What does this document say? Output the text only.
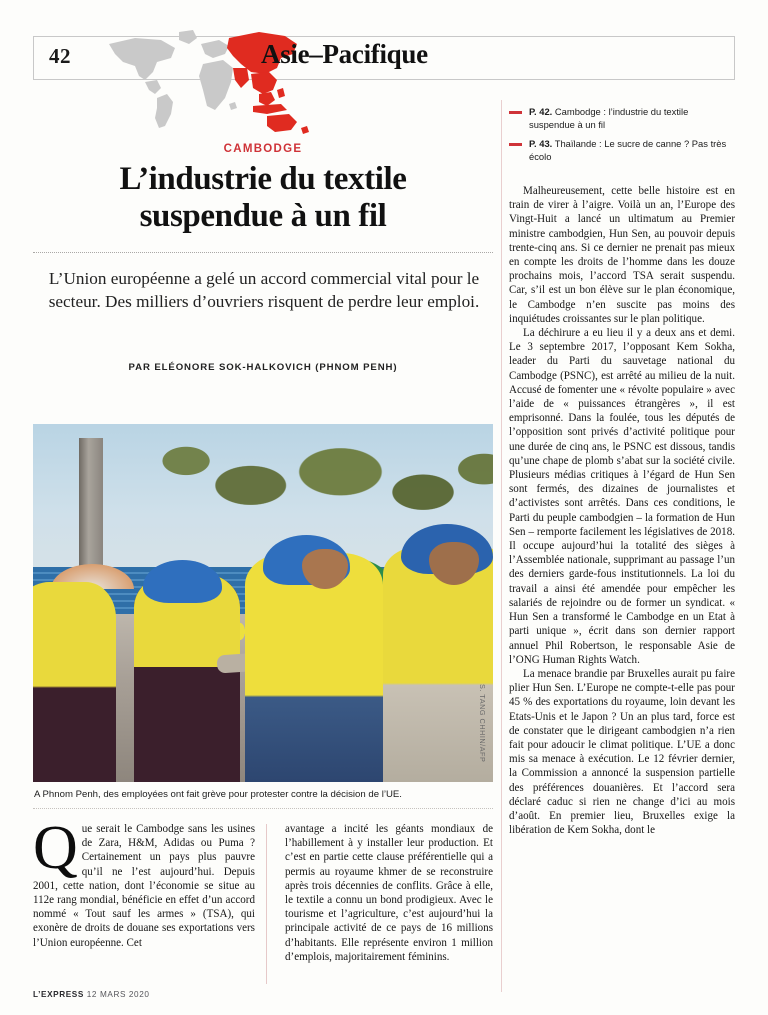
42	Asie–Pacifique
CAMBODGE
L’industrie du textile
suspendue à un fil
L’Union européenne a gelé un accord commercial vital pour le secteur. Des milliers d’ouvriers risquent de perdre leur emploi.
PAR ELÉONORE SOK-HALKOVICH (PHNOM PENH)
S. TANG CHHIN/AFP
A Phnom Penh, des employées ont fait grève pour protester contre la décision de l’UE.
Q ue serait le Cambodge sans les usines de Zara, H&M, Adidas ou Puma ? Certainement un pays plus pauvre qu’il ne l’est aujourd’hui. Depuis 2001, cette nation, dont l’économie se situe au 112e rang mondial, bénéficie en effet d’un accord nommé « Tout sauf les armes » (TSA), qui exonère de droits de douane ses exportations vers l’Union européenne. Cet

avantage a incité les géants mondiaux de l’habillement à y installer leur production. Et c’est en partie cette clause préférentielle qui a permis au royaume khmer de se reconstruire après trois décennies de conflits. Grâce à elle, le textile a connu un bond prodigieux. Avec le tourisme et l’agriculture, c’est aujourd’hui la principale activité de ce pays de 16 millions d’habitants. Elle représente environ 1 million d’emplois, majoritairement féminins.

P. 42. Cambodge : l’industrie du textile suspendue à un fil
P. 43. Thaïlande : Le sucre de canne ? Pas très écolo

Malheureusement, cette belle histoire est en train de virer à l’aigre. Voilà un an, l’Europe des Vingt-Huit a lancé un ultimatum au Premier ministre cambodgien, Hun Sen, au pouvoir depuis trente-cinq ans. Si ce dernier ne prenait pas mieux en compte les droits de l’homme dans les douze prochains mois, l’accord TSA serait suspendu. Car, s’il est un bon élève sur le plan économique, le Cambodge n’en suscite pas moins des inquiétudes croissantes sur le plan politique.

La déchirure a eu lieu il y a deux ans et demi. Le 3 septembre 2017, l’opposant Kem Sokha, leader du Parti du sauvetage national du Cambodge (PSNC), est arrêté au milieu de la nuit. Accusé de fomenter une « révolte populaire » avec l’aide de « puissances étrangères », il est emprisonné. Dans la foulée, tous les députés de l’opposition sont privés d’activité politique pour une durée de cinq ans, le PSNC est dissous, tandis qu’une chape de plomb s’abat sur la société civile. Plusieurs médias critiques à l’égard de Hun Sen sont fermés, des dizaines de journalistes et d’activistes sont arrêtés. Dans ces conditions, le Parti du peuple cambodgien – la formation de Hun Sen – remporte facilement les législatives de 2018. Il occupe aujourd’hui la totalité des sièges à l’Assemblée nationale, supprimant au passage l’un des derniers garde-fous institutionnels. La loi du travail a ainsi été amendée pour empêcher les salariés de rejoindre ou de former un syndicat. « Hun Sen a transformé le Cambodge en un Etat à parti unique », écrit dans son dernier rapport annuel Phil Robertson, le responsable Asie de l’ONG Human Rights Watch.

La menace brandie par Bruxelles aurait pu faire plier Hun Sen. L’Europe ne compte-t-elle pas pour 45 % des exportations du royaume, loin devant les Etats-Unis et le Japon ? Un an plus tard, force est de constater que le dirigeant cambodgien n’a rien fait pour adoucir le climat politique. L’UE a donc mis sa menace à exécution. Le 12 février dernier, la Commission a annoncé la suspension partielle des préférences douanières. Et l’accord sera déclaré caduc si rien ne change d’ici au mois d’août. En premier lieu, Bruxelles exige la libération de Kem Sokha, dont le

L’EXPRESS 12 MARS 2020
